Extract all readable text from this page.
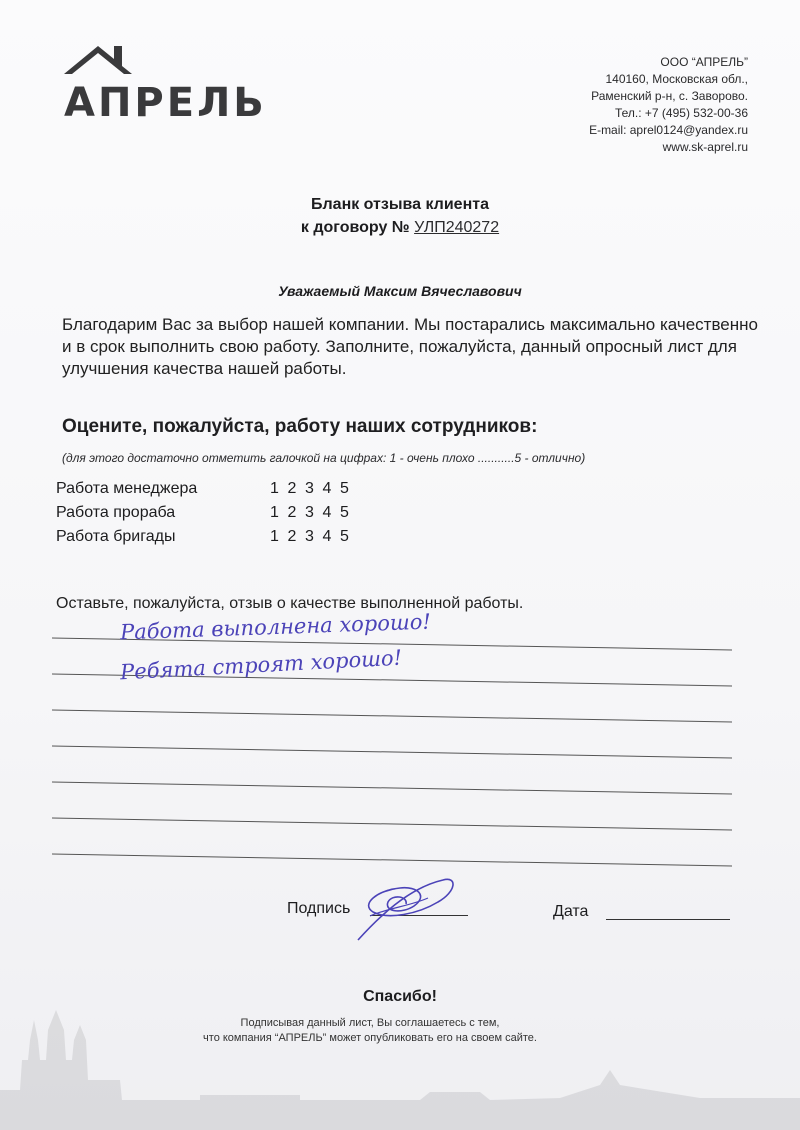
АПРЕЛЬ
ООО “АПРЕЛЬ”
140160, Московская обл.,
Раменский р-н, с. Заворово.
Тел.: +7 (495) 532-00-36
E-mail: aprel0124@yandex.ru
www.sk-aprel.ru
Бланк отзыва клиента
к договору № УЛП240272
Уважаемый Максим Вячеславович
Благодарим Вас за выбор нашей компании. Мы постарались максимально качественно и в срок выполнить свою работу. Заполните, пожалуйста, данный опросный лист для улучшения качества нашей работы.
Оцените, пожалуйста, работу наших сотрудников:
(для этого достаточно отметить галочкой на цифрах: 1 - очень плохо ...........5 - отлично)
Работа менеджера	1 2 3 4 5
Работа прораба	1 2 3 4 5
Работа бригады	1 2 3 4 5
Оставьте, пожалуйста, отзыв о качестве выполненной работы.
Работа выполнена хорошо!
Ребята строят хорошо!
Подпись	Дата
Спасибо!
Подписывая данный лист, Вы соглашаетесь с тем,
что компания “АПРЕЛЬ” может опубликовать его на своем сайте.
